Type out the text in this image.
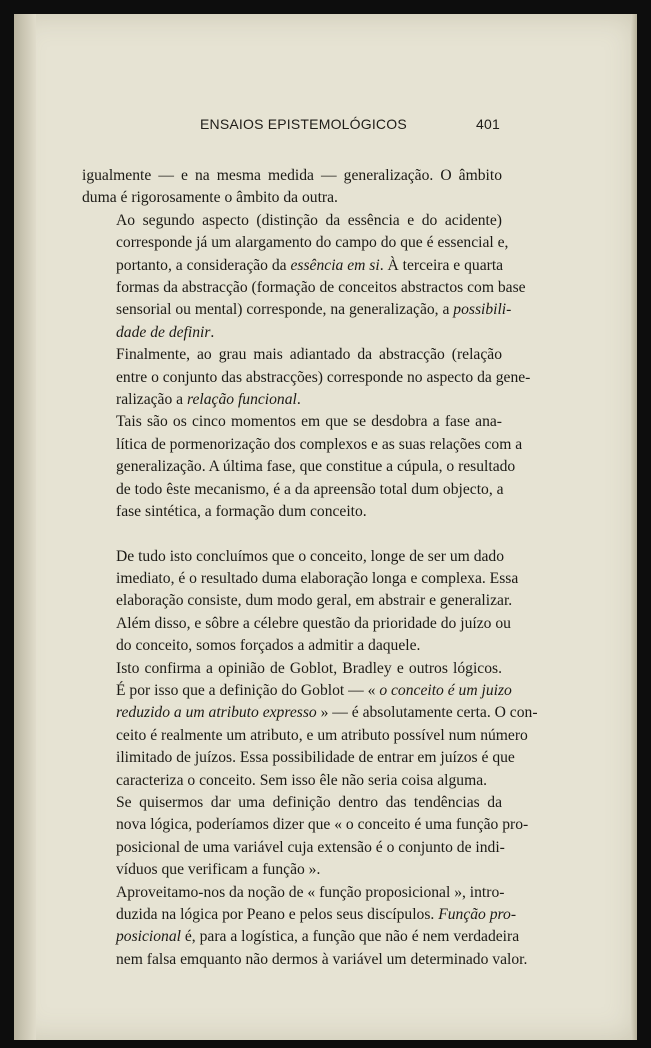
ENSAIOS EPISTEMOLÓGICOS	401

igualmente — e na mesma medida — generalização. O âmbito
duma é rigorosamente o âmbito da outra.

Ao segundo aspecto (distinção da essência e do acidente)
corresponde já um alargamento do campo do que é essencial e,
portanto, a consideração da essência em si. À terceira e quarta
formas da abstracção (formação de conceitos abstractos com base
sensorial ou mental) corresponde, na generalização, a possibili-
dade de definir.

Finalmente, ao grau mais adiantado da abstracção (relação
entre o conjunto das abstracções) corresponde no aspecto da gene-
ralização a relação funcional.

Tais são os cinco momentos em que se desdobra a fase ana-
lítica de pormenorização dos complexos e as suas relações com a
generalização. A última fase, que constitue a cúpula, o resultado
de todo êste mecanismo, é a da apreensão total dum objecto, a
fase sintética, a formação dum conceito.

De tudo isto concluímos que o conceito, longe de ser um dado
imediato, é o resultado duma elaboração longa e complexa. Essa
elaboração consiste, dum modo geral, em abstrair e generalizar.
Além disso, e sôbre a célebre questão da prioridade do juízo ou
do conceito, somos forçados a admitir a daquele.

Isto confirma a opinião de Goblot, Bradley e outros lógicos.
É por isso que a definição do Goblot — « o conceito é um juizo
reduzido a um atributo expresso » — é absolutamente certa. O con-
ceito é realmente um atributo, e um atributo possível num número
ilimitado de juízos. Essa possibilidade de entrar em juízos é que
caracteriza o conceito. Sem isso êle não seria coisa alguma.

Se quisermos dar uma definição dentro das tendências da
nova lógica, poderíamos dizer que « o conceito é uma função pro-
posicional de uma variável cuja extensão é o conjunto de indi-
víduos que verificam a função ».

Aproveitamo-nos da noção de « função proposicional », intro-
duzida na lógica por Peano e pelos seus discípulos. Função pro-
posicional é, para a logística, a função que não é nem verdadeira
nem falsa emquanto não dermos à variável um determinado valor.
